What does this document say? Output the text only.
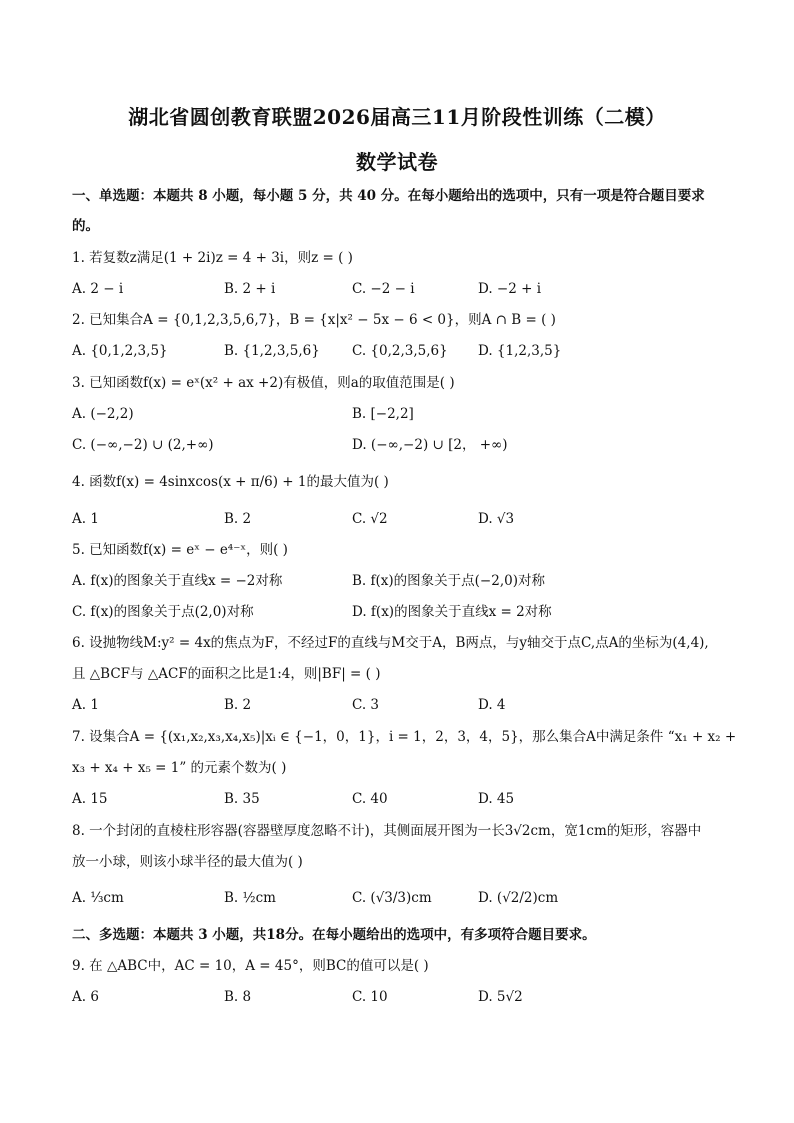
湖北省圆创教育联盟2026届高三11月阶段性训练（二模）
数学试卷
一、单选题：本题共 8 小题，每小题 5 分，共 40 分。在每小题给出的选项中，只有一项是符合题目要求
的。
1. 若复数z满足(1 + 2i)z = 4 + 3i，则z = ( )
A. 2 − i	B. 2 + i	C. −2 − i	D. −2 + i
2. 已知集合A = {0,1,2,3,5,6,7}，B = {x|x² − 5x − 6 < 0}，则A ∩ B = ( )
A. {0,1,2,3,5}	B. {1,2,3,5,6} C. {0,2,3,5,6} D. {1,2,3,5}
3. 已知函数f(x) = eˣ(x² + ax +2)有极值，则a的取值范围是( )
A. (−2,2)	B. [−2,2]
C. (−∞,−2) ∪ (2,+∞)	D. (−∞,−2) ∪ [2， +∞)
4. 函数f(x) = 4sinxcos(x + π/6) + 1的最大值为( )
A. 1	B. 2	C. √2	D. √3
5. 已知函数f(x) = eˣ − e⁴⁻ˣ，则( )
A. f(x)的图象关于直线x = −2对称	B. f(x)的图象关于点(−2,0)对称
C. f(x)的图象关于点(2,0)对称	D. f(x)的图象关于直线x = 2对称
6. 设抛物线M:y² = 4x的焦点为F，不经过F的直线与M交于A，B两点，与y轴交于点C,点A的坐标为(4,4),
且 △BCF与 △ACF的面积之比是1:4，则|BF| = ( )
A. 1	B. 2	C. 3	D. 4
7. 设集合A = {(x₁,x₂,x₃,x₄,x₅)|xᵢ ∈ {−1，0，1}，i = 1，2，3，4，5}，那么集合A中满足条件 “x₁ + x₂ +
x₃ + x₄ + x₅ = 1” 的元素个数为( )
A. 15	B. 35	C. 40	D. 45
8. 一个封闭的直棱柱形容器(容器壁厚度忽略不计)，其侧面展开图为一长3√2cm，宽1cm的矩形，容器中
放一小球，则该小球半径的最大值为( )
A. ⅓cm	B. ½cm	C. (√3/3)cm	D. (√2/2)cm
二、多选题：本题共 3 小题，共18分。在每小题给出的选项中，有多项符合题目要求。
9. 在 △ABC中，AC = 10，A = 45°，则BC的值可以是( )
A. 6	B. 8	C. 10	D. 5√2
